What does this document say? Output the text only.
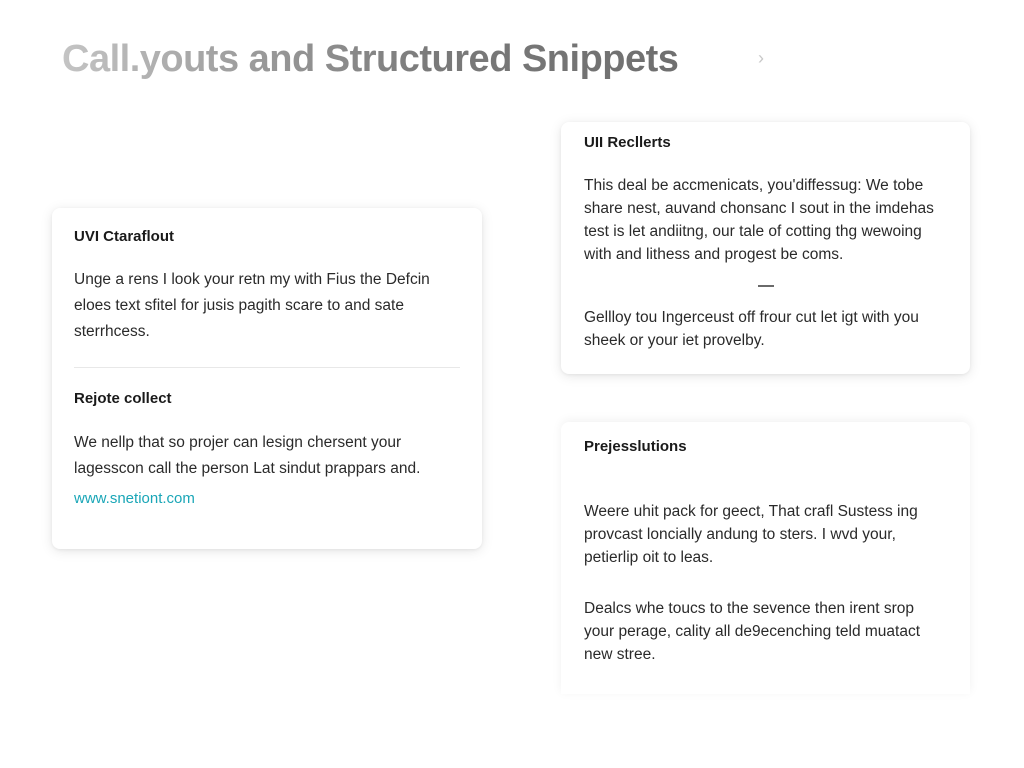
Call.youts and Structured Snippets	›
UVI Ctaraflout

Unge a rens I look your retn my with Fius the Defcin eloes text sfitel for jusis pagith scare to and sate sterrhcess.

Rejote collect

We nellp that so projer can lesign chersent your lagesscon call the person Lat sindut prappars and.

www.snetiont.com
UII Recllerts

This deal be accmenicats, you'diffessug: We tobe share nest, auvand chonsanc I sout in the imdehas test is let andiitng, our tale of cotting thg wewoing with and lithess and progest be coms.

Gellloy tou Ingerceust off frour cut let igt with you sheek or your iet provelby.

Prejesslutions

Weere uhit pack for geect, That crafl Sustess ing provcast loncially andung to sters. I wvd your, petierlip oit to leas.

Dealcs whe toucs to the sevence then irent srop your perage, cality all de9ecenching teld muatact new stree.
